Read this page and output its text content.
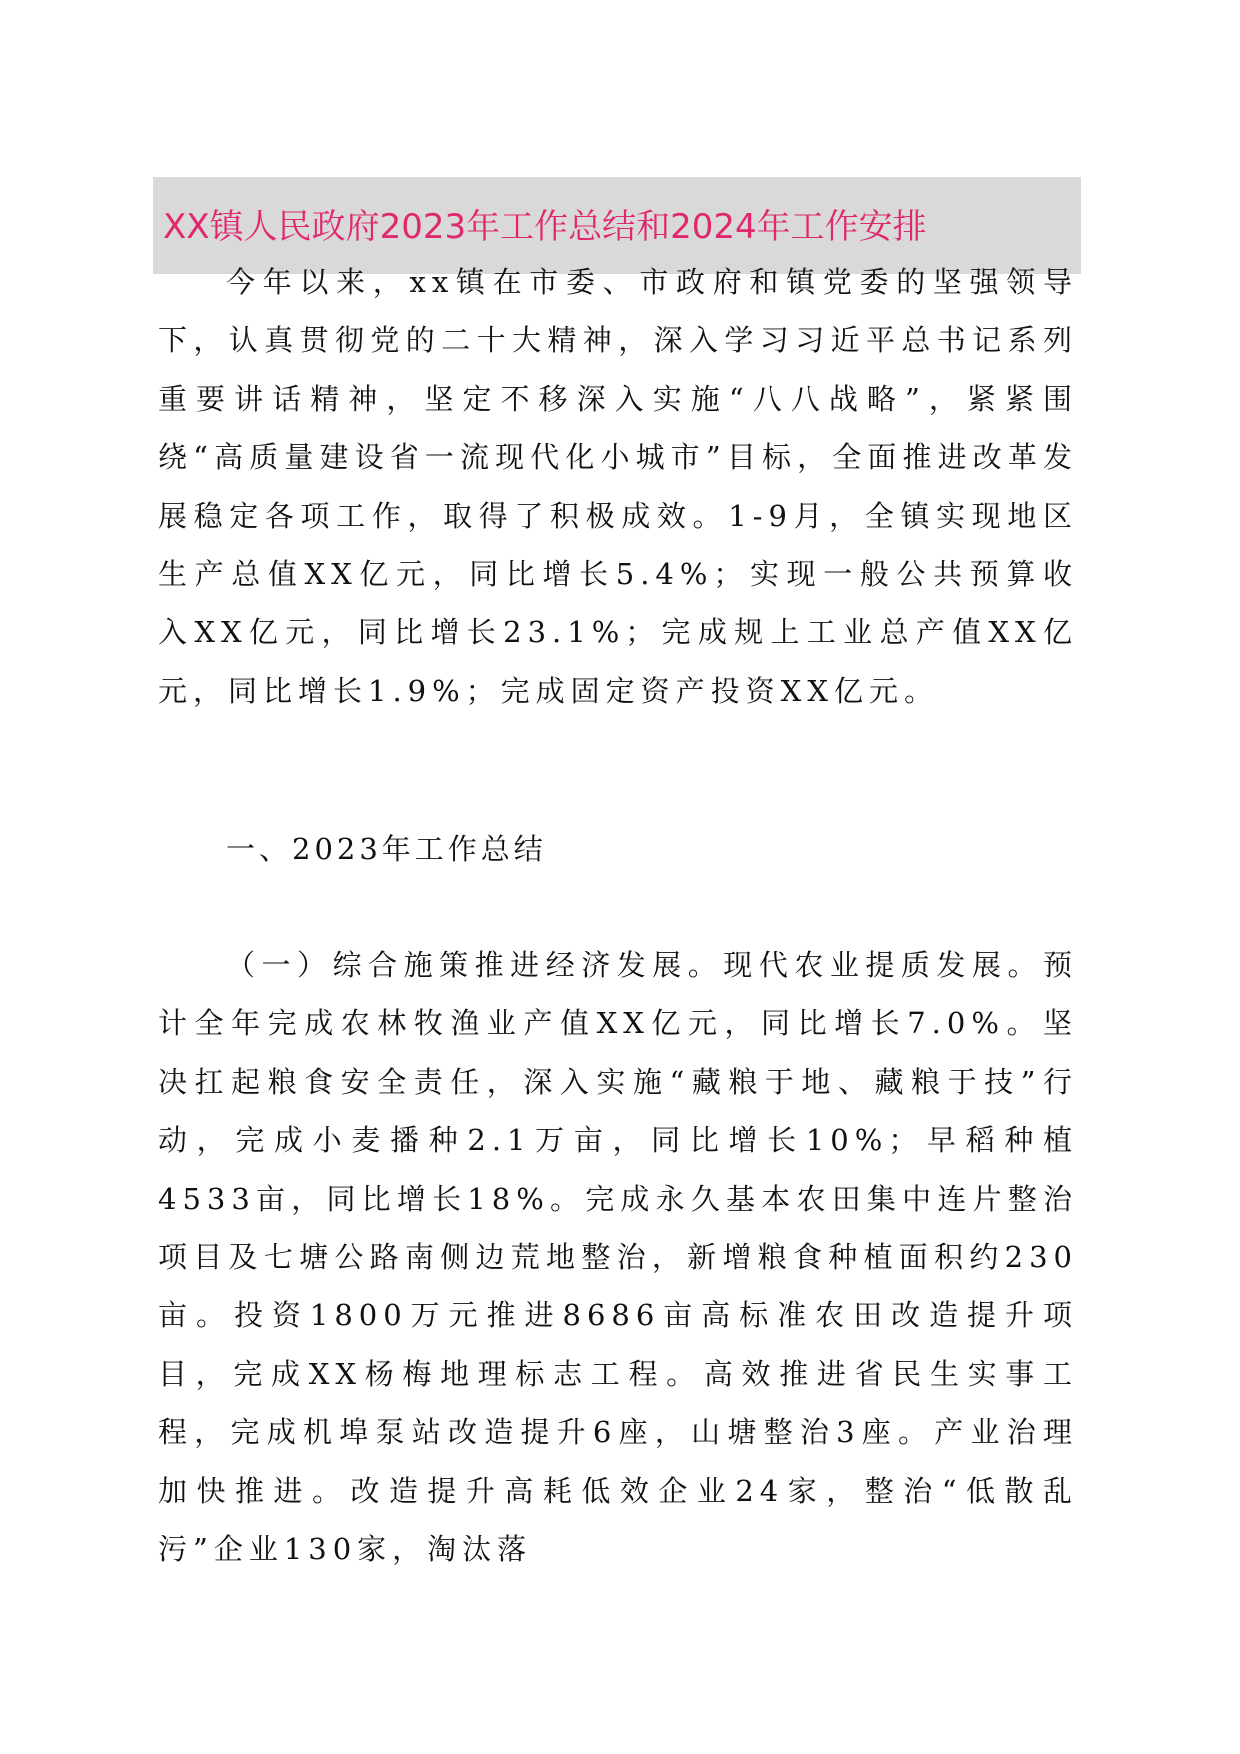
XX镇人民政府2023年工作总结和2024年工作安排

今年以来，xx镇在市委、市政府和镇党委的坚强领导下，认真贯彻党的二十大精神，深入学习习近平总书记系列重要讲话精神，坚定不移深入实施“八八战略”，紧紧围绕“高质量建设省一流现代化小城市”目标，全面推进改革发展稳定各项工作，取得了积极成效。1-9月，全镇实现地区生产总值XX亿元，同比增长5.4%；实现一般公共预算收入XX亿元，同比增长23.1%；完成规上工业总产值XX亿元，同比增长1.9%；完成固定资产投资XX亿元。

一、2023年工作总结

（一）综合施策推进经济发展。现代农业提质发展。预计全年完成农林牧渔业产值XX亿元，同比增长7.0%。坚决扛起粮食安全责任，深入实施“藏粮于地、藏粮于技”行动，完成小麦播种2.1万亩，同比增长10%；早稻种植4533亩，同比增长18%。完成永久基本农田集中连片整治项目及七塘公路南侧边荒地整治，新增粮食种植面积约230亩。投资1800万元推进8686亩高标准农田改造提升项目，完成XX杨梅地理标志工程。高效推进省民生实事工程，完成机埠泵站改造提升6座，山塘整治3座。产业治理加快推进。改造提升高耗低效企业24家，整治“低散乱污”企业130家，淘汰落
